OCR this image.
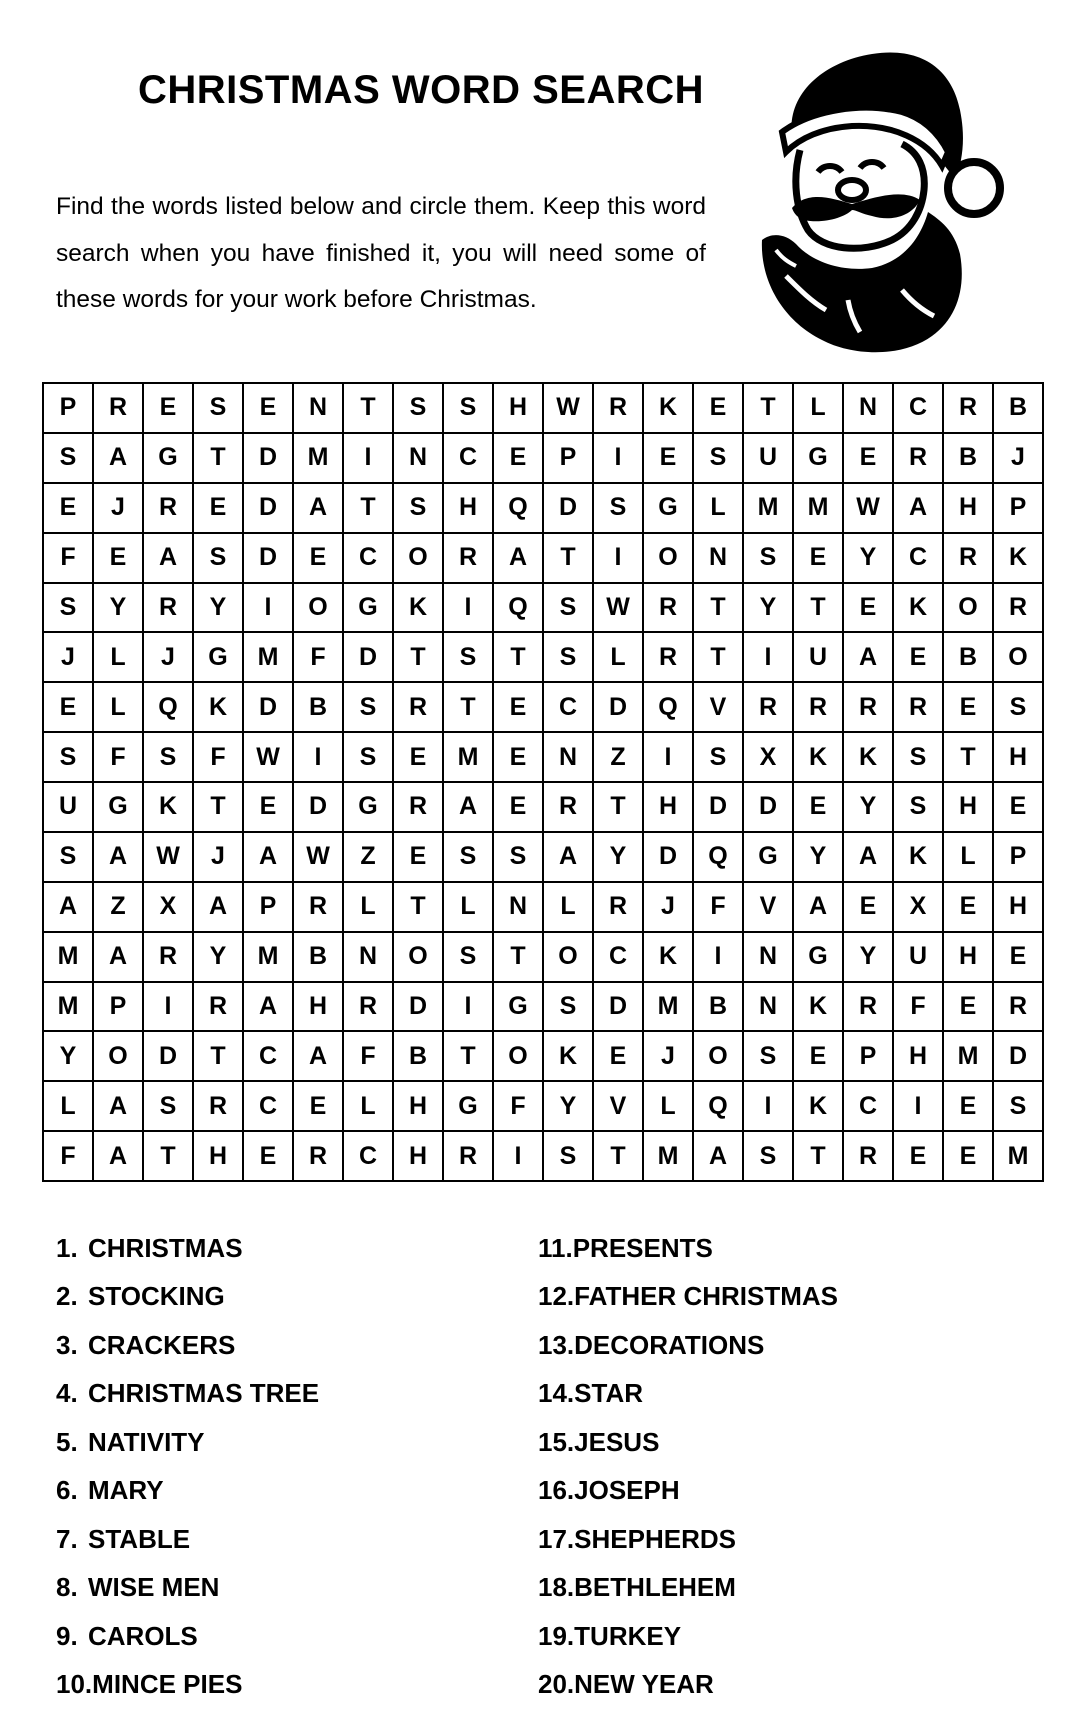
CHRISTMAS WORD SEARCH
Find the words listed below and circle them. Keep this word search when you have finished it, you will need some of these words for your work before Christmas.
P	R	E	S	E	N	T	S	S	H	W	R	K	E	T	L	N	C	R	B
S	A	G	T	D	M	I	N	C	E	P	I	E	S	U	G	E	R	B	J
E	J	R	E	D	A	T	S	H	Q	D	S	G	L	M	M	W	A	H	P
F	E	A	S	D	E	C	O	R	A	T	I	O	N	S	E	Y	C	R	K
S	Y	R	Y	I	O	G	K	I	Q	S	W	R	T	Y	T	E	K	O	R
J	L	J	G	M	F	D	T	S	T	S	L	R	T	I	U	A	E	B	O
E	L	Q	K	D	B	S	R	T	E	C	D	Q	V	R	R	R	R	E	S
S	F	S	F	W	I	S	E	M	E	N	Z	I	S	X	K	K	S	T	H
U	G	K	T	E	D	G	R	A	E	R	T	H	D	D	E	Y	S	H	E
S	A	W	J	A	W	Z	E	S	S	A	Y	D	Q	G	Y	A	K	L	P
A	Z	X	A	P	R	L	T	L	N	L	R	J	F	V	A	E	X	E	H
M	A	R	Y	M	B	N	O	S	T	O	C	K	I	N	G	Y	U	H	E
M	P	I	R	A	H	R	D	I	G	S	D	M	B	N	K	R	F	E	R
Y	O	D	T	C	A	F	B	T	O	K	E	J	O	S	E	P	H	M	D
L	A	S	R	C	E	L	H	G	F	Y	V	L	Q	I	K	C	I	E	S
F	A	T	H	E	R	C	H	R	I	S	T	M	A	S	T	R	E	E	M
1. CHRISTMAS
2. STOCKING
3. CRACKERS
4. CHRISTMAS TREE
5. NATIVITY
6. MARY
7. STABLE
8. WISE MEN
9. CAROLS
10. MINCE PIES
11. PRESENTS
12. FATHER CHRISTMAS
13. DECORATIONS
14. STAR
15. JESUS
16. JOSEPH
17. SHEPHERDS
18. BETHLEHEM
19. TURKEY
20. NEW YEAR
